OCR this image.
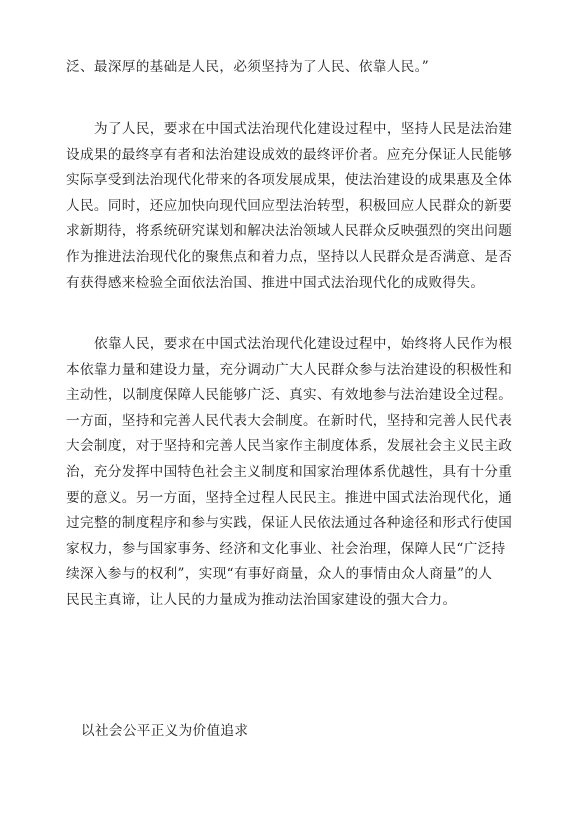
泛、最深厚的基础是人民，必须坚持为了人民、依靠人民。”
为了人民，要求在中国式法治现代化建设过程中，坚持人民是法治建
设成果的最终享有者和法治建设成效的最终评价者。应充分保证人民能够
实际享受到法治现代化带来的各项发展成果，使法治建设的成果惠及全体
人民。同时，还应加快向现代回应型法治转型，积极回应人民群众的新要
求新期待，将系统研究谋划和解决法治领域人民群众反映强烈的突出问题
作为推进法治现代化的聚焦点和着力点，坚持以人民群众是否满意、是否
有获得感来检验全面依法治国、推进中国式法治现代化的成败得失。
依靠人民，要求在中国式法治现代化建设过程中，始终将人民作为根
本依靠力量和建设力量，充分调动广大人民群众参与法治建设的积极性和
主动性，以制度保障人民能够广泛、真实、有效地参与法治建设全过程。
一方面，坚持和完善人民代表大会制度。在新时代，坚持和完善人民代表
大会制度，对于坚持和完善人民当家作主制度体系，发展社会主义民主政
治，充分发挥中国特色社会主义制度和国家治理体系优越性，具有十分重
要的意义。另一方面，坚持全过程人民民主。推进中国式法治现代化，通
过完整的制度程序和参与实践，保证人民依法通过各种途径和形式行使国
家权力，参与国家事务、经济和文化事业、社会治理，保障人民“广泛持
续深入参与的权利”，实现“有事好商量，众人的事情由众人商量”的人
民民主真谛，让人民的力量成为推动法治国家建设的强大合力。
以社会公平正义为价值追求
